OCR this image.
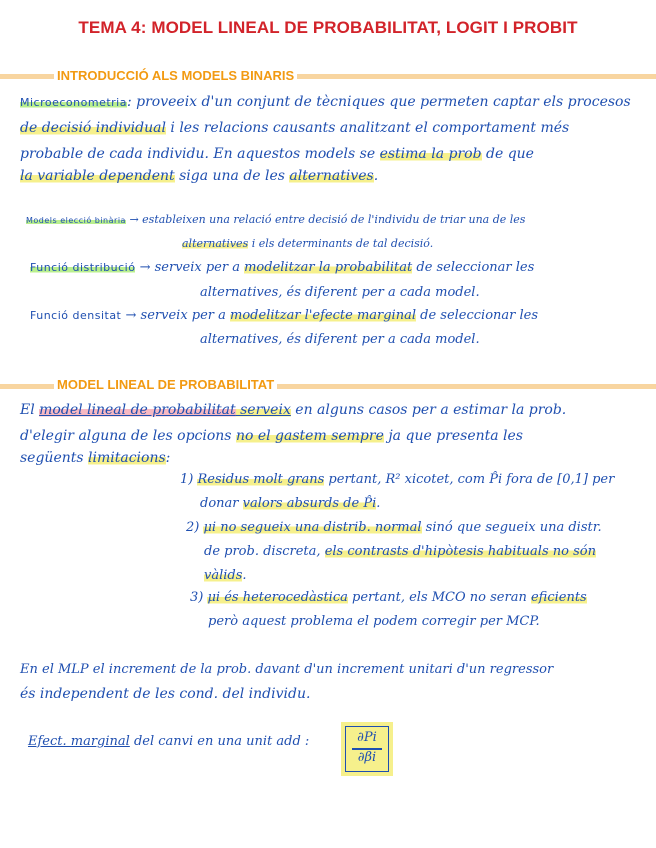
TEMA 4: MODEL LINEAL DE PROBABILITAT, LOGIT I PROBIT
INTRODUCCIÓ ALS MODELS BINARIS
Microeconometria: proveeix d'un conjunt de tècniques que permeten captar els procesos
de decisió individual i les relacions causants analitzant el comportament més
probable de cada individu. En aquestos models se estima la prob de que
la variable dependent siga una de les alternatives.
Models elecció binària → estableixen una relació entre decisió de l'individu de triar una de les
alternatives i els determinants de tal decisió.
Funció distribució → serveix per a modelitzar la probabilitat de seleccionar les
alternatives, és diferent per a cada model.
Funció densitat → serveix per a modelitzar l'efecte marginal de seleccionar les
alternatives, és diferent per a cada model.
MODEL LINEAL DE PROBABILITAT
El model lineal de probabilitat serveix en alguns casos per a estimar la prob.
d'elegir alguna de les opcions no el gastem sempre ja que presenta les
següents limitacions:
1) Residus molt grans pertant, R² xicotet, com P̂i fora de [0,1] per
donar valors absurds de P̂i.
2) μi no segueix una distrib. normal sinó que segueix una distr.
de prob. discreta, els contrasts d'hipòtesis habituals no són
vàlids.
3) μi és heterocedàstica pertant, els MCO no seran eficients
però aquest problema el podem corregir per MCP.
En el MLP el increment de la prob. davant d'un increment unitari d'un regressor
és independent de les cond. del individu.
Efect. marginal del canvi en una unit add :	∂Pi
∂βi
